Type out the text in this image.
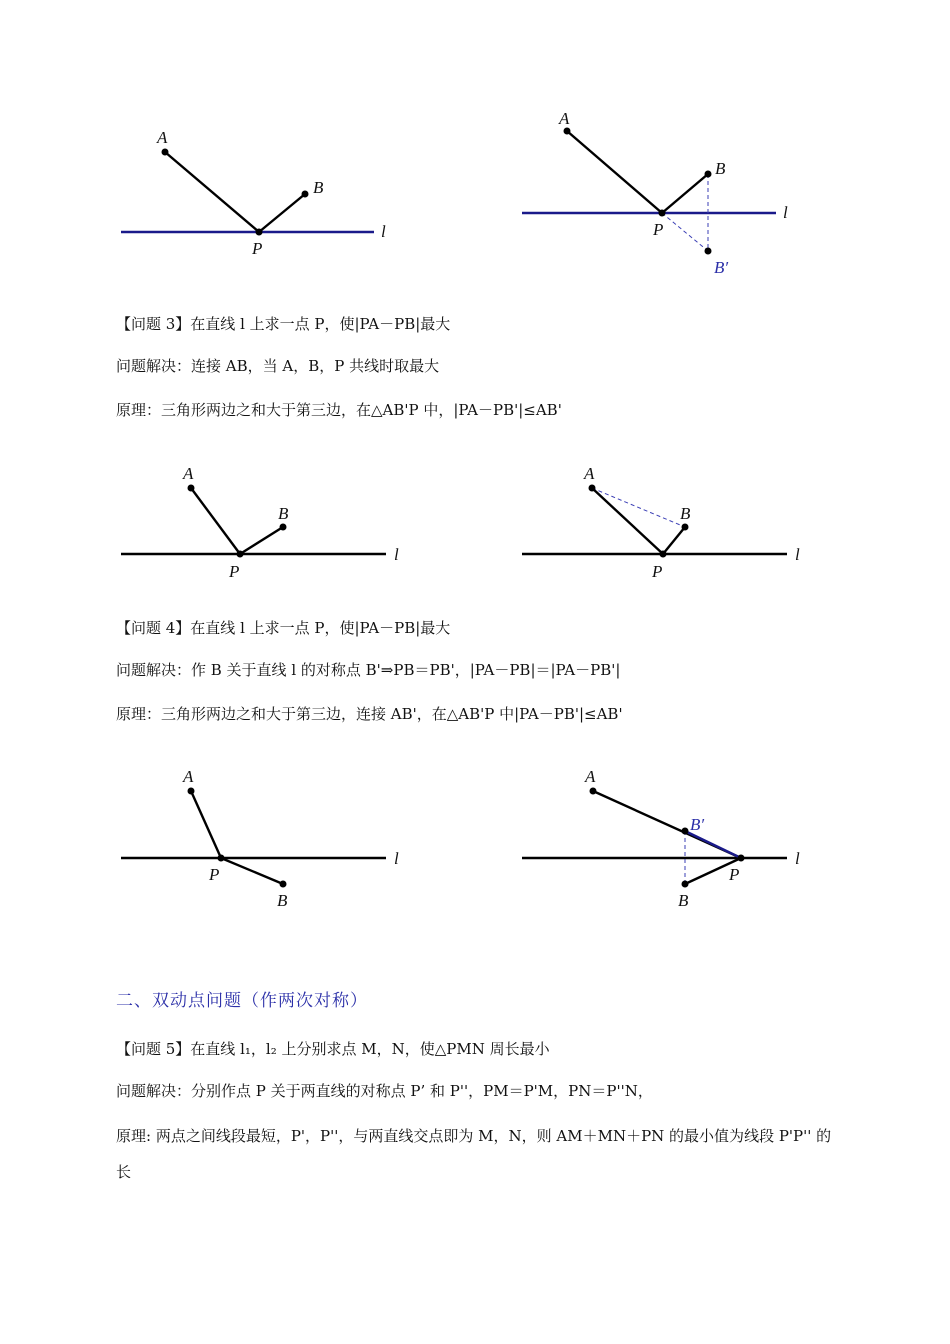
A
B
P
l
A
B
P
l
B′
A
B
P
l
A
B
P
l
A
B
P
l
A
B′
B
P
l
【问题 3】在直线 l 上求一点 P，使|PA－PB|最大
问题解决：连接 AB，当 A，B，P 共线时取最大
原理：三角形两边之和大于第三边，在△AB'P 中，|PA－PB'|≤AB'
【问题 4】在直线 l 上求一点 P，使|PA－PB|最大
问题解决：作 B 关于直线 l 的对称点 B'⇒PB＝PB'，|PA－PB|＝|PA－PB'|
原理：三角形两边之和大于第三边，连接 AB'，在△AB'P 中|PA－PB'|≤AB'
二、双动点问题（作两次对称）
【问题 5】在直线 l₁，l₂ 上分别求点 M，N，使△PMN 周长最小
问题解决：分别作点 P 关于两直线的对称点 P’ 和 P''，PM＝P'M，PN＝P''N，
原理: 两点之间线段最短，P'，P''，与两直线交点即为 M，N，则 AM＋MN＋PN 的最小值为线段 P'P'' 的长
